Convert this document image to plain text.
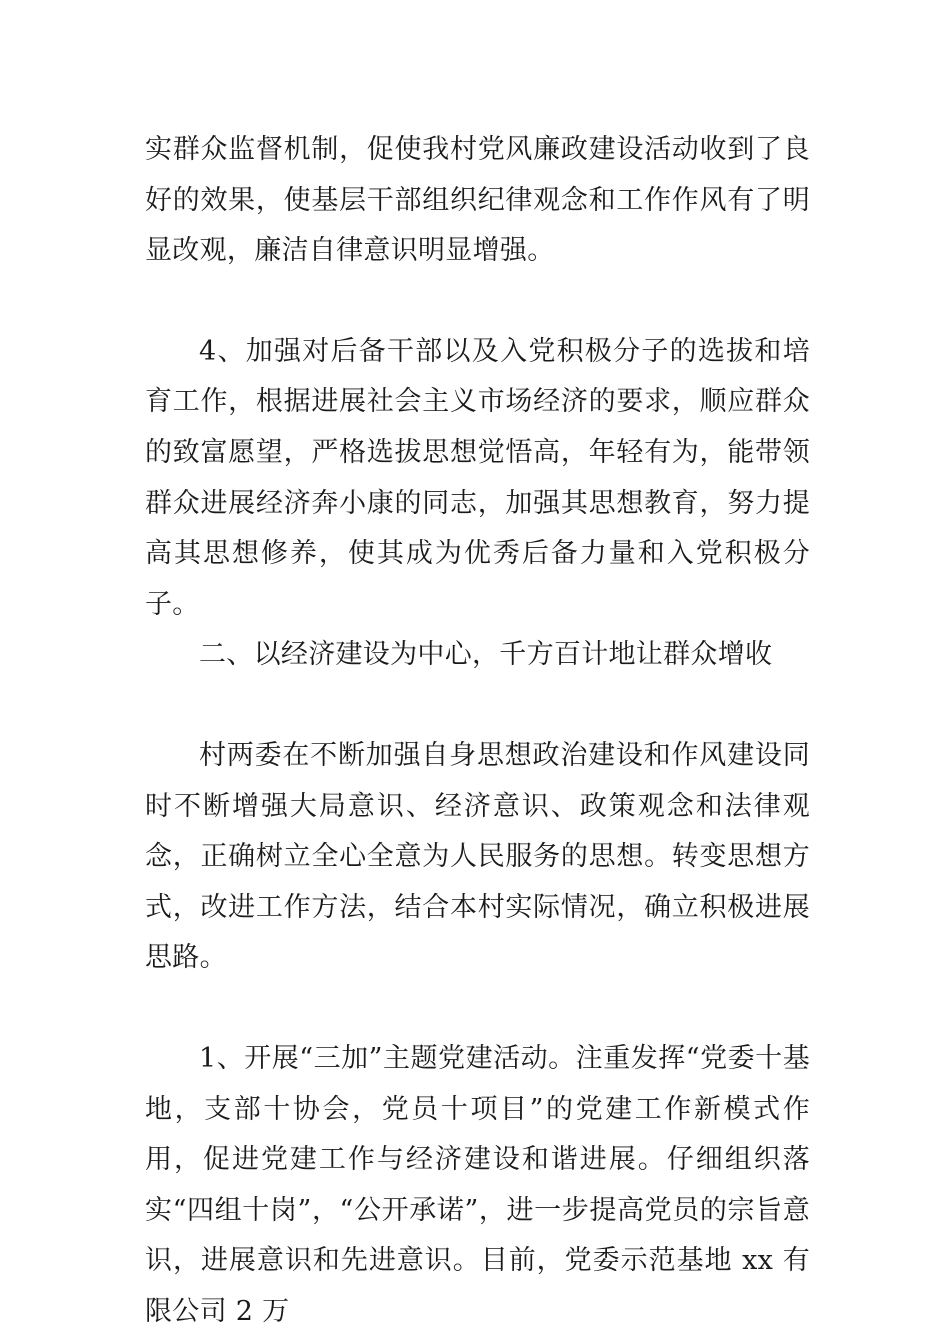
实群众监督机制，促使我村党风廉政建设活动收到了良好的效果，使基层干部组织纪律观念和工作作风有了明显改观，廉洁自律意识明显增强。

4、加强对后备干部以及入党积极分子的选拔和培育工作，根据进展社会主义市场经济的要求，顺应群众的致富愿望，严格选拔思想觉悟高，年轻有为，能带领群众进展经济奔小康的同志，加强其思想教育，努力提高其思想修养，使其成为优秀后备力量和入党积极分子。

二、以经济建设为中心，千方百计地让群众增收

村两委在不断加强自身思想政治建设和作风建设同时不断增强大局意识、经济意识、政策观念和法律观念，正确树立全心全意为人民服务的思想。转变思想方式，改进工作方法，结合本村实际情况，确立积极进展思路。

1、开展“三加”主题党建活动。注重发挥“党委十基地，支部十协会，党员十项目”的党建工作新模式作用，促进党建工作与经济建设和谐进展。仔细组织落实“四组十岗”，“公开承诺”，进一步提高党员的宗旨意识，进展意识和先进意识。目前，党委示范基地 xx 有限公司 2 万
